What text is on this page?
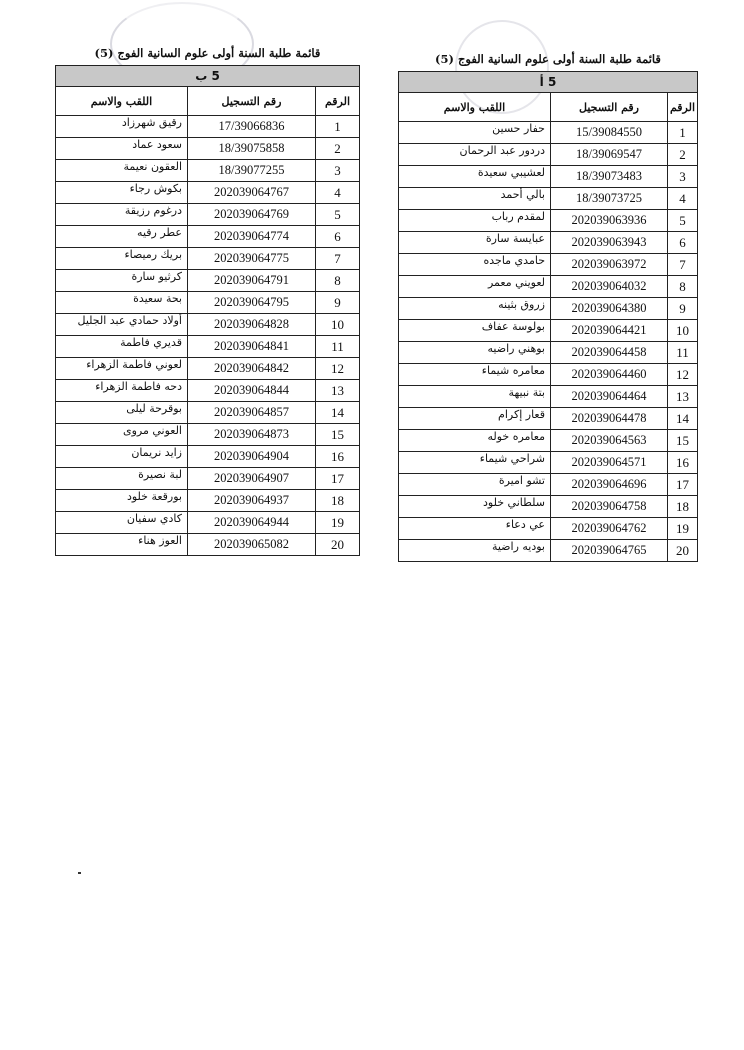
قائمة طلبة السنة أولى علوم السانية الفوج (5)
5 ب		
الرقم	رقم التسجيل	اللقب والاسم
1	17/39066836	رقيق شهرزاد
2	18/39075858	سعود عماد
3	18/39077255	العقون نعيمة
4	202039064767	بكوش رجاء
5	202039064769	درغوم رزيقة
6	202039064774	عطر رقيه
7	202039064775	بريك رميصاء
8	202039064791	كرثيو سارة
9	202039064795	بحة سعيدة
10	202039064828	أولاد حمادي عبد الجليل
11	202039064841	قديري فاطمة
12	202039064842	لعوني فاطمة الزهراء
13	202039064844	دحه فاطمة الزهراء
14	202039064857	بوقرحة ليلى
15	202039064873	العوني مروى
16	202039064904	زايد نريمان
17	202039064907	لبة نصيرة
18	202039064937	بورقعة خلود
19	202039064944	كادي سفيان
20	202039065082	العوز هناء
قائمة طلبة السنة أولى علوم السانية الفوج (5)
5 أ		
الرقم	رقم التسجيل	اللقب والاسم
1	15/39084550	حفار حسين
2	18/39069547	دردور عبد الرحمان
3	18/39073483	لعشيبي سعيدة
4	18/39073725	بالي أحمد
5	202039063936	لمقدم رباب
6	202039063943	عبايسة سارة
7	202039063972	حامدي ماجده
8	202039064032	لعويني معمر
9	202039064380	زروق بثينه
10	202039064421	بولوسة عفاف
11	202039064458	بوهني راضيه
12	202039064460	معامره شيماء
13	202039064464	بتة نبيهة
14	202039064478	قعار إكرام
15	202039064563	معامره خوله
16	202039064571	شراحي شيماء
17	202039064696	تشو اميرة
18	202039064758	سلطاني خلود
19	202039064762	عي دعاء
20	202039064765	بوديه راضية
